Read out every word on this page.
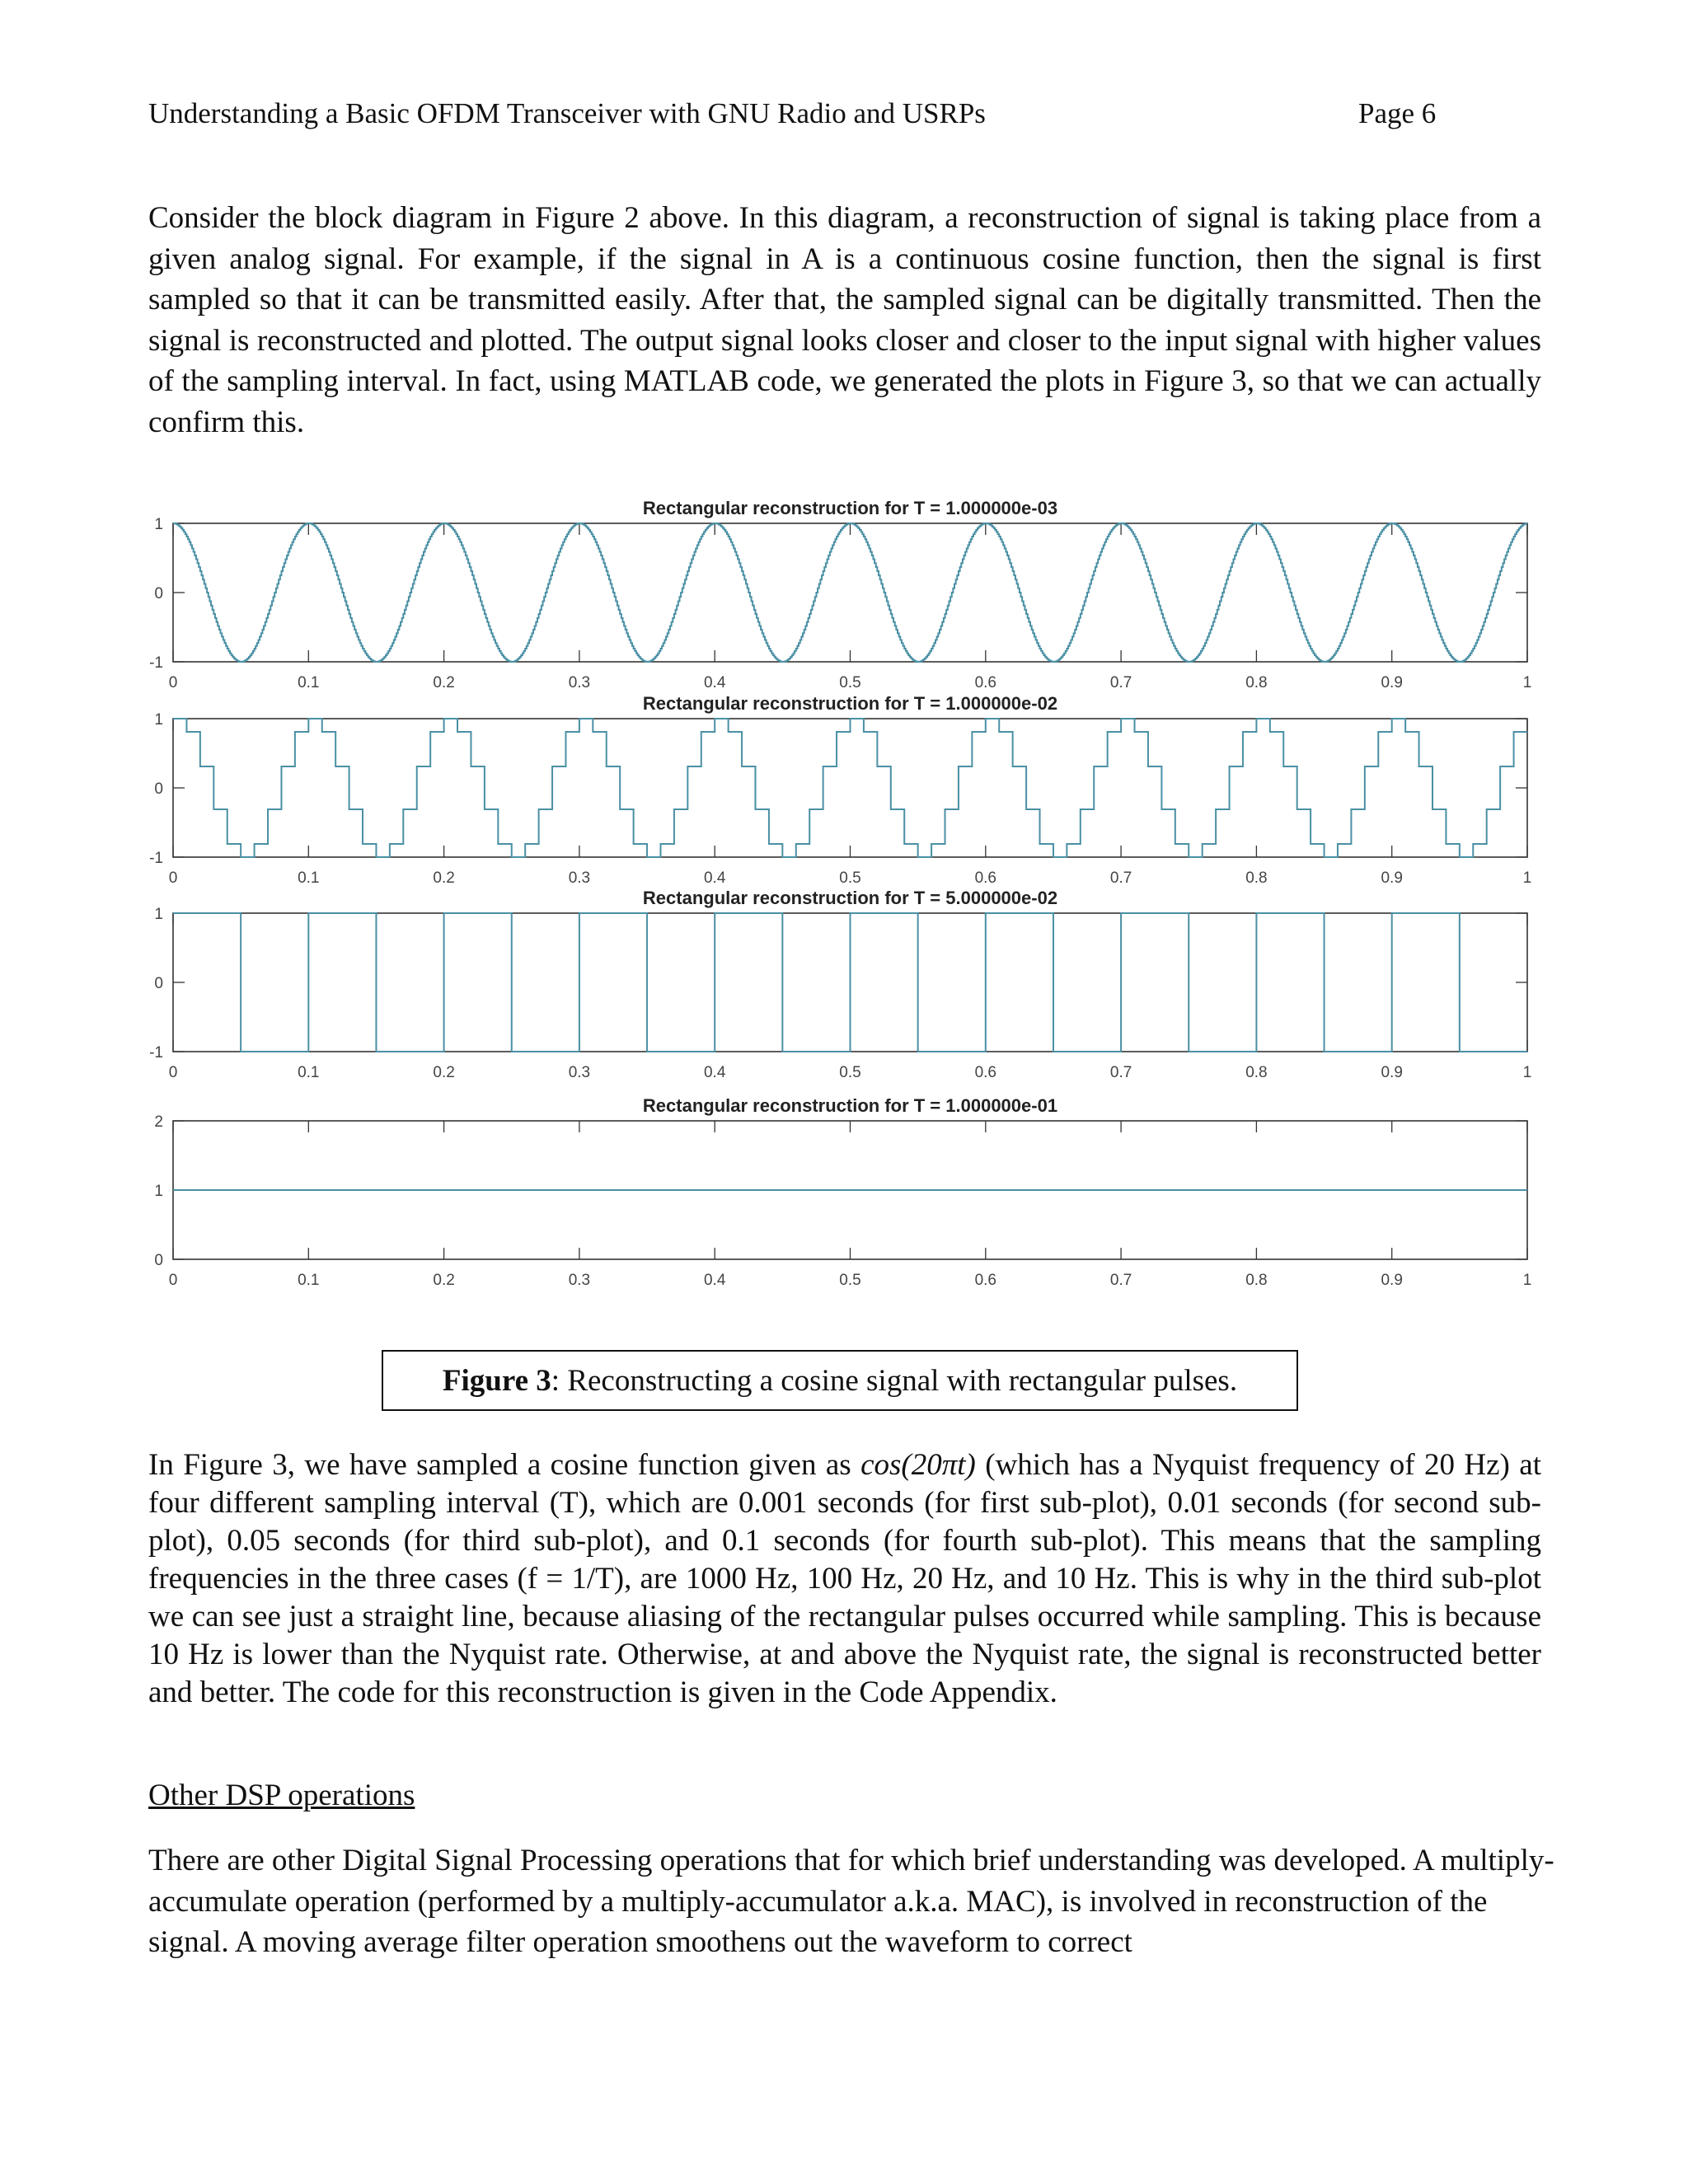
Understanding a Basic OFDM Transceiver with GNU Radio and USRPs	Page 6

Consider the block diagram in Figure 2 above. In this diagram, a reconstruction of signal is taking place from a given analog signal. For example, if the signal in A is a continuous cosine function, then the signal is first sampled so that it can be transmitted easily. After that, the sampled signal can be digitally transmitted. Then the signal is reconstructed and plotted. The output signal looks closer and closer to the input signal with higher values of the sampling interval. In fact, using MATLAB code, we generated the plots in Figure 3, so that we can actually confirm this.

Rectangular reconstruction for T = 1.000000e-03
0	0.1	0.2	0.3	0.4	0.5	0.6	0.7	0.8	0.9	1
-1
0
1
Rectangular reconstruction for T = 1.000000e-02
0	0.1	0.2	0.3	0.4	0.5	0.6	0.7	0.8	0.9	1
-1
0
1
Rectangular reconstruction for T = 5.000000e-02
0	0.1	0.2	0.3	0.4	0.5	0.6	0.7	0.8	0.9	1
-1
0
1
Rectangular reconstruction for T = 1.000000e-01
0	0.1	0.2	0.3	0.4	0.5	0.6	0.7	0.8	0.9	1
0
1
2
Figure 3: Reconstructing a cosine signal with rectangular pulses.

In Figure 3, we have sampled a cosine function given as cos(20πt) (which has a Nyquist frequency of 20 Hz) at four different sampling interval (T), which are 0.001 seconds (for first sub-plot), 0.01 seconds (for second sub-plot), 0.05 seconds (for third sub-plot), and 0.1 seconds (for fourth sub-plot). This means that the sampling frequencies in the three cases (f = 1/T), are 1000 Hz, 100 Hz, 20 Hz, and 10 Hz. This is why in the third sub-plot we can see just a straight line, because aliasing of the rectangular pulses occurred while sampling. This is because 10 Hz is lower than the Nyquist rate. Otherwise, at and above the Nyquist rate, the signal is reconstructed better and better. The code for this reconstruction is given in the Code Appendix.

Other DSP operations

There are other Digital Signal Processing operations that for which brief understanding was developed. A multiply-accumulate operation (performed by a multiply-accumulator a.k.a. MAC), is involved in reconstruction of the signal. A moving average filter operation smoothens out the waveform to correct
